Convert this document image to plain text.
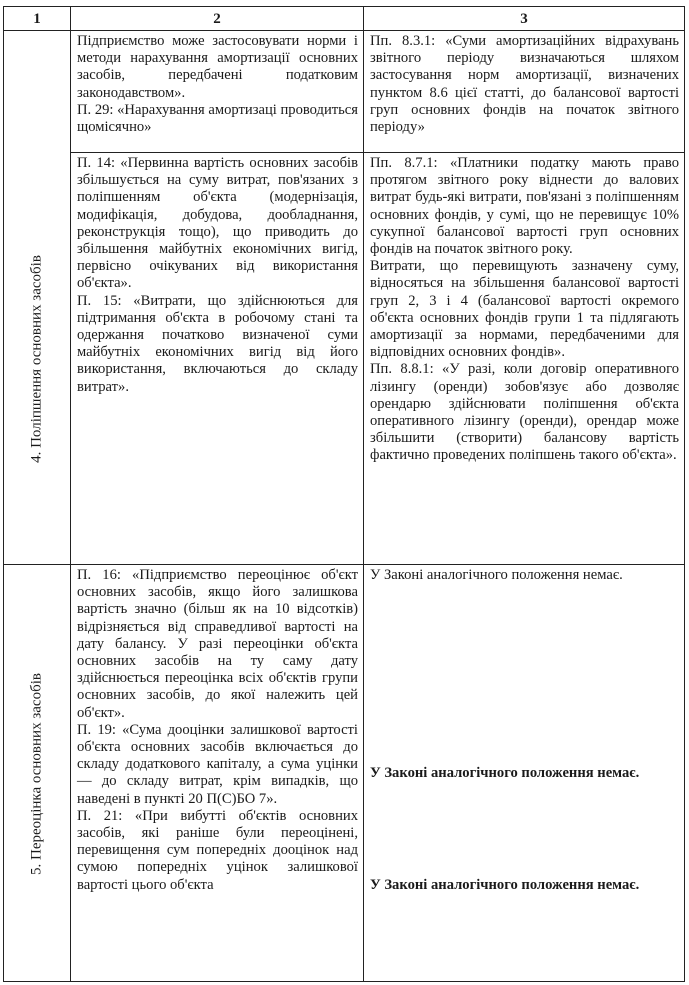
1	2	3
4. Поліпшення основних засобів

Підприємство може застосовувати норми і методи нарахування амортизації основних засобів, передбачені податковим законодавством».

П. 29: «Нарахування амортизаці проводиться щомісячно»

П. 14: «Первинна вартість основних засобів збільшується на суму витрат, пов'язаних з поліпшенням об'єкта (модернізація, модифікація, добудова, дообладнання, реконструкція тощо), що приводить до збільшення майбутніх економічних вигід, первісно очікуваних від використання об'єкта».

П. 15: «Витрати, що здійснюються для підтримання об'єкта в робочому стані та одержання початково визначеної суми майбутніх економічних вигід від його використання, включаються до складу витрат».

Пп. 8.3.1: «Суми амортизаційних відрахувань звітного періоду визначаються шляхом застосування норм амортизації, визначених пунктом 8.6 цієї статті, до балансової вартості груп основних фондів на початок звітного періоду»

Пп. 8.7.1: «Платники податку мають право протягом звітного року віднести до валових витрат будь-які витрати, пов'язані з поліпшенням основних фондів, у сумі, що не перевищує 10% сукупної балансової вартості груп основних фондів на початок звітного року.

Витрати, що перевищують зазначену суму, відносяться на збільшення балансової вартості груп 2, 3 і 4 (балансової вартості окремого об'єкта основних фондів групи 1 та підлягають амортизації за нормами, передбаченими для відповідних основних фондів».

Пп. 8.8.1: «У разі, коли договір оперативного лізингу (оренди) зобов'язує або дозволяє орендарю здійснювати поліпшення об'єкта оперативного лізингу (оренди), орендар може збільшити (створити) балансову вартість фактично проведених поліпшень такого об'єкта».

5. Переоцінка основних засобів

П. 16: «Підприємство переоцінює об'єкт основних засобів, якщо його залишкова вартість значно (більш як на 10 відсотків) відрізняється від справедливої вартості на дату балансу. У разі переоцінки об'єкта основних засобів на ту саму дату здійснюється переоцінка всіх об'єктів групи основних засобів, до якої належить цей об'єкт».

П. 19: «Сума дооцінки залишкової вартості об'єкта основних засобів включається до складу додаткового капіталу, а сума уцінки — до складу витрат, крім випадків, що наведені в пункті 20 П(С)БО 7».

П. 21: «При вибутті об'єктів основних засобів, які раніше були переоцінені, перевищення сум попередніх дооцінок над сумою попередніх уцінок залишкової вартості цього об'єкта

У Законі аналогічного положення немає.

У Законі аналогічного положення немає.

У Законі аналогічного положення немає.
